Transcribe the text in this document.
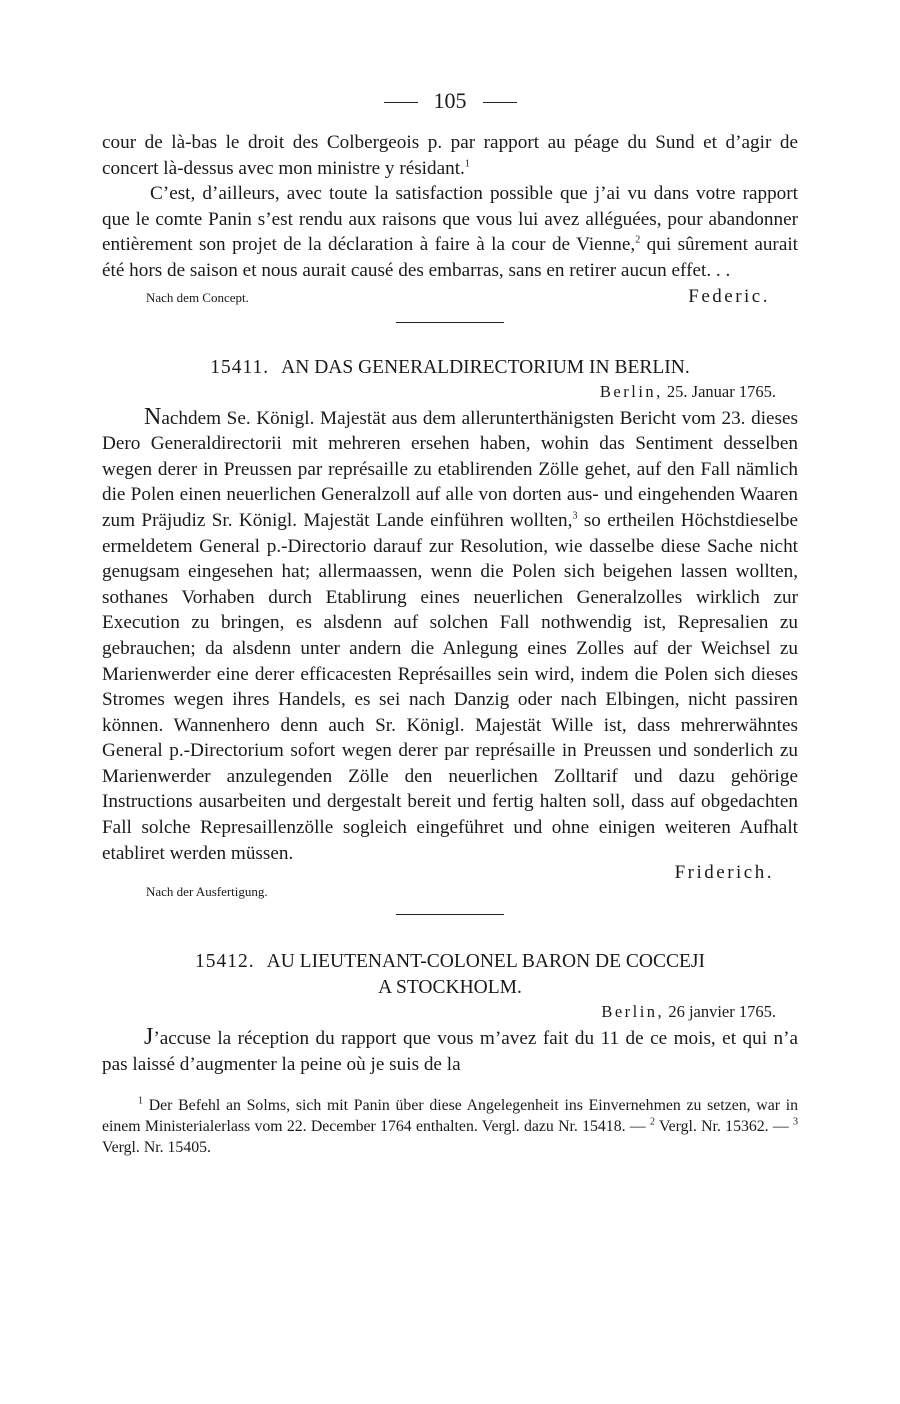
105

cour de là-bas le droit des Colbergeois p. par rapport au péage du Sund et d’agir de concert là-dessus avec mon ministre y résidant.$^1$

C’est, d’ailleurs, avec toute la satisfaction possible que j’ai vu dans votre rapport que le comte Panin s’est rendu aux raisons que vous lui avez alléguées, pour abandonner entièrement son projet de la déclaration à faire à la cour de Vienne,$^2$ qui sûrement aurait été hors de saison et nous aurait causé des embarras, sans en retirer aucun effet. . .

Nach dem Concept.	Federic.
15411. AN DAS GENERALDIRECTORIUM IN BERLIN.
Berlin, 25. Januar 1765.

Nachdem Se. Königl. Majestät aus dem allerunterthänigsten Bericht vom 23. dieses Dero Generaldirectorii mit mehreren ersehen haben, wohin das Sentiment desselben wegen derer in Preussen par représaille zu etablirenden Zölle gehet, auf den Fall nämlich die Polen einen neuerlichen Generalzoll auf alle von dorten aus- und eingehenden Waaren zum Präjudiz Sr. Königl. Majestät Lande einführen wollten,$^3$ so ertheilen Höchstdieselbe ermeldetem General p.-Directorio darauf zur Resolution, wie dasselbe diese Sache nicht genugsam eingesehen hat; allermaassen, wenn die Polen sich beigehen lassen wollten, sothanes Vorhaben durch Etablirung eines neuerlichen Generalzolles wirklich zur Execution zu bringen, es alsdenn auf solchen Fall nothwendig ist, Represalien zu gebrauchen; da alsdenn unter andern die Anlegung eines Zolles auf der Weichsel zu Marienwerder eine derer efficacesten Représailles sein wird, indem die Polen sich dieses Stromes wegen ihres Handels, es sei nach Danzig oder nach Elbingen, nicht passiren können. Wannenhero denn auch Sr. Königl. Majestät Wille ist, dass mehrerwähntes General p.-Directorium sofort wegen derer par représaille in Preussen und sonderlich zu Marienwerder anzulegenden Zölle den neuerlichen Zolltarif und dazu gehörige Instructions ausarbeiten und dergestalt bereit und fertig halten soll, dass auf obgedachten Fall solche Represaillenzölle sogleich eingeführet und ohne einigen weiteren Aufhalt etabliret werden müssen.

Nach der Ausfertigung.
Friderich.
15412. AU LIEUTENANT-COLONEL BARON DE COCCEJI
A STOCKHOLM.
Berlin, 26 janvier 1765.

J’accuse la réception du rapport que vous m’avez fait du 11 de ce mois, et qui n’a pas laissé d’augmenter la peine où je suis de la

$^1$ Der Befehl an Solms, sich mit Panin über diese Angelegenheit ins Einvernehmen zu setzen, war in einem Ministerialerlass vom 22. December 1764 enthalten. Vergl. dazu Nr. 15418. — $^2$ Vergl. Nr. 15362. — $^3$ Vergl. Nr. 15405.
